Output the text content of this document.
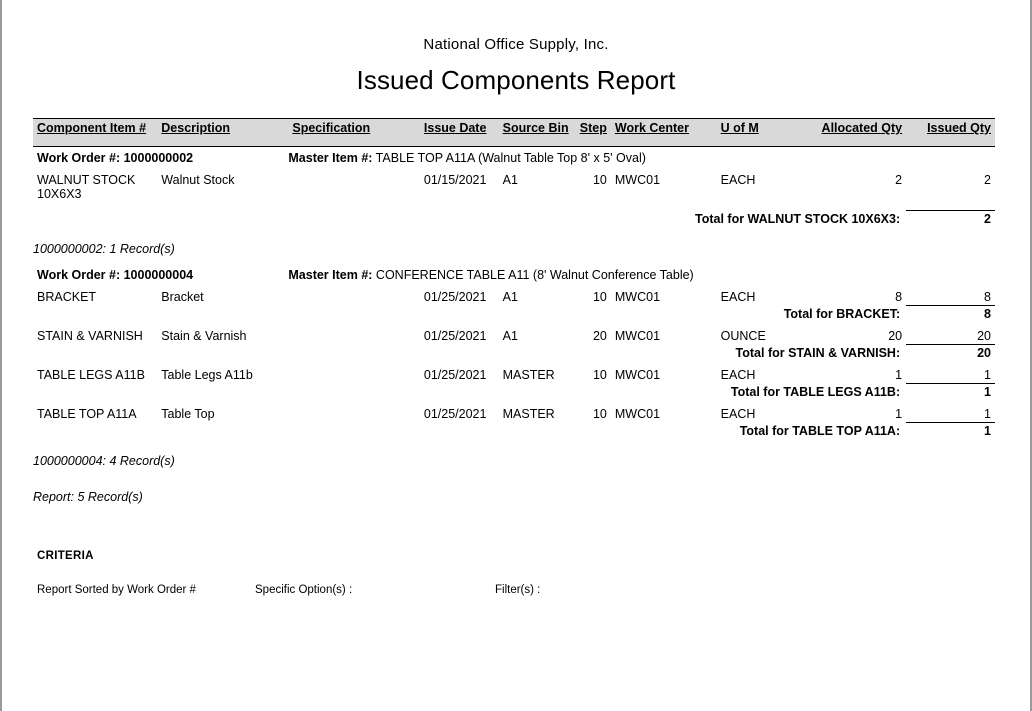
National Office Supply, Inc.
Issued Components Report
Component Item #	Description	Specification	Issue Date	Source Bin	Step	Work Center	U of M	Allocated Qty	Issued Qty
Work Order #: 1000000002		Master Item #: TABLE TOP A11A (Walnut Table Top 8' x 5' Oval)							
WALNUT STOCK 10X6X3	Walnut Stock		01/15/2021	A1	10	MWC01	EACH	2	2

Total for WALNUT STOCK 10X6X3:									2
1000000002: 1 Record(s)									
Work Order #: 1000000004		Master Item #: CONFERENCE TABLE A11 (8' Walnut Conference Table)							
BRACKET	Bracket		01/25/2021	A1	10	MWC01	EACH	8	8
Total for BRACKET:									8
STAIN & VARNISH	Stain & Varnish		01/25/2021	A1	20	MWC01	OUNCE	20	20
Total for STAIN & VARNISH:									20
TABLE LEGS A11B	Table Legs A11b		01/25/2021	MASTER	10	MWC01	EACH	1	1
Total for TABLE LEGS A11B:									1
TABLE TOP A11A	Table Top		01/25/2021	MASTER	10	MWC01	EACH	1	1
Total for TABLE TOP A11A:									1
1000000004: 4 Record(s)									
Report: 5 Record(s)									
CRITERIA
Report Sorted by Work Order #	Specific Option(s) :	Filter(s) :
